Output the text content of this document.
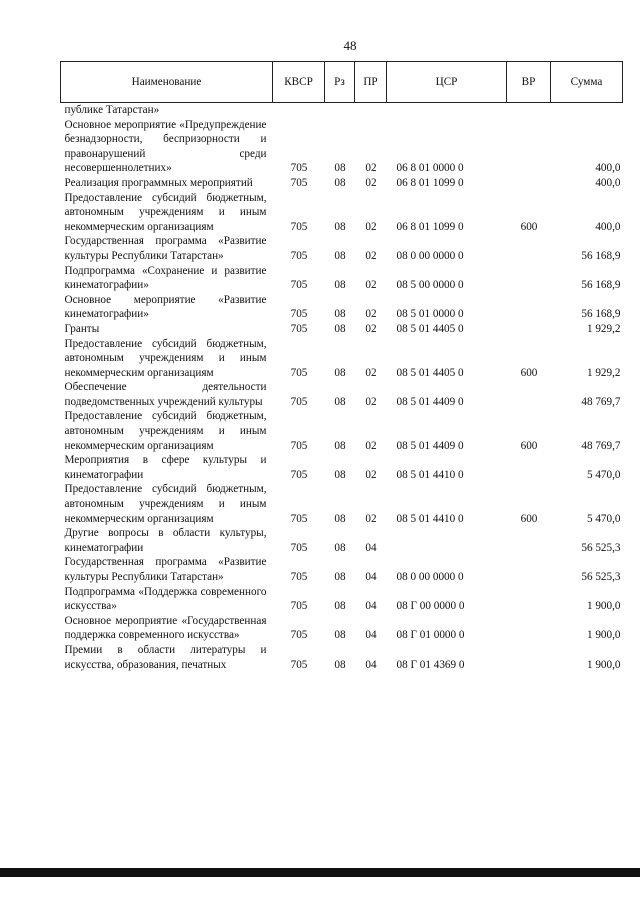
48
Наименование	КВСР	Рз	ПР	ЦСР	ВР	Сумма
публике Татарстан»						
Основное мероприятие «Предупреждение безнадзорности, беспризорности и правонарушений среди несовершеннолетних»	705	08	02	06 8 01 0000 0		400,0
Реализация программных мероприятий	705	08	02	06 8 01 1099 0		400,0
Предоставление субсидий бюджетным, автономным учреждениям и иным некоммерческим организациям	705	08	02	06 8 01 1099 0	600	400,0
Государственная программа «Развитие культуры Республики Татарстан»	705	08	02	08 0 00 0000 0		56 168,9
Подпрограмма «Сохранение и развитие кинематографии»	705	08	02	08 5 00 0000 0		56 168,9
Основное мероприятие «Развитие кинематографии»	705	08	02	08 5 01 0000 0		56 168,9
Гранты	705	08	02	08 5 01 4405 0		1 929,2
Предоставление субсидий бюджетным, автономным учреждениям и иным некоммерческим организациям	705	08	02	08 5 01 4405 0	600	1 929,2
Обеспечение деятельности подведомственных учреждений культуры	705	08	02	08 5 01 4409 0		48 769,7
Предоставление субсидий бюджетным, автономным учреждениям и иным некоммерческим организациям	705	08	02	08 5 01 4409 0	600	48 769,7
Мероприятия в сфере культуры и кинематографии	705	08	02	08 5 01 4410 0		5 470,0
Предоставление субсидий бюджетным, автономным учреждениям и иным некоммерческим организациям	705	08	02	08 5 01 4410 0	600	5 470,0
Другие вопросы в области культуры, кинематографии	705	08	04			56 525,3
Государственная программа «Развитие культуры Республики Татарстан»	705	08	04	08 0 00 0000 0		56 525,3
Подпрограмма «Поддержка современного искусства»	705	08	04	08 Г 00 0000 0		1 900,0
Основное мероприятие «Государственная поддержка современного искусства»	705	08	04	08 Г 01 0000 0		1 900,0
Премии в области литературы и искусства, образования, печатных	705	08	04	08 Г 01 4369 0		1 900,0
